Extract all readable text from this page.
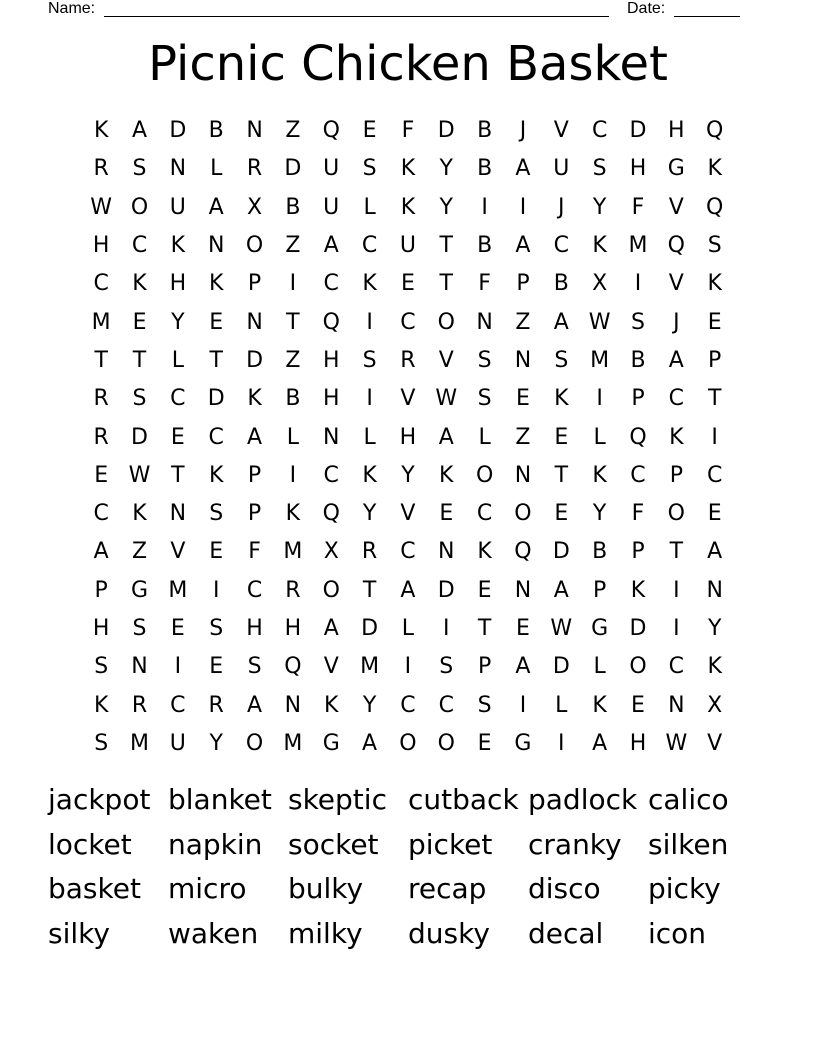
Name:	Date:
Picnic Chicken Basket
K	A	D	B	N	Z	Q	E	F	D	B	J	V	C	D H Q
R	S	N	L	R	D U	S	K	Y	B	A	U	S	H G	K
W O U	A	X	B	U	L	K	Y	I	I	J	Y	F	V	Q
H	C	K	N O	Z	A	C	U	T	B	A	C	K M Q	S
C	K	H	K	P	I	C	K	E	T	F	P	B	X	I	V	K
M E	Y	E	N	T	Q	I	C O N	Z	A W S	J	E
T	T	L	T	D	Z	H	S	R	V	S	N	S M B	A	P
R	S	C	D	K	B	H	I	V W S	E	K	I	P	C	T
R	D	E	C	A	L	N	L	H	A	L	Z	E	L	Q	K	I
E W T	K	P	I	C	K	Y	K	O N	T	K	C	P	C
C	K	N	S	P	K	Q	Y	V	E	C O	E	Y	F	O	E
A	Z	V	E	F	M X	R	C	N	K	Q D	B	P	T	A
P	G M	I	C	R	O	T	A	D	E	N	A	P	K	I	N
H	S	E	S	H H	A	D	L	I	T	E W G D	I	Y
S	N	I	E	S	Q	V M	I	S	P	A	D	L	O	C	K
K	R	C	R	A	N	K	Y	C	C	S	I	L	K	E	N	X
S M U	Y	O M G	A	O O	E	G	I	A	H W V
jackpot blanket skeptic cutback padlock calico
locket	napkin socket	picket	cranky silken
basket micro	bulky	recap	disco	picky
silky	waken	milky	dusky	decal	icon
